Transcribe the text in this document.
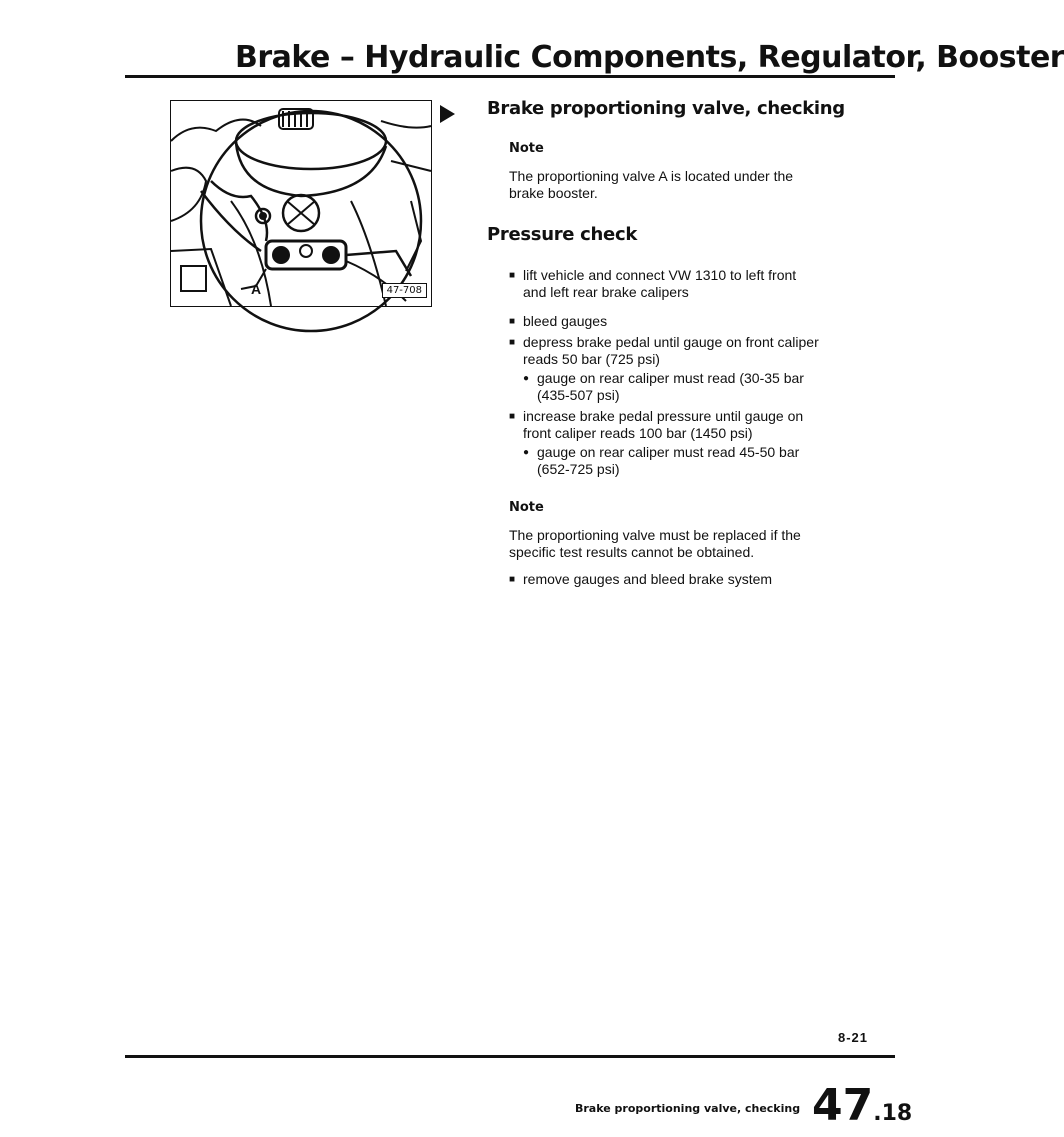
Brake – Hydraulic Components, Regulator, Booster
A	47-708
Brake proportioning valve, checking
Note

The proportioning valve A is located under the brake booster.

Pressure check
■ lift vehicle and connect VW 1310 to left front and left rear brake calipers
■ bleed gauges
■ depress brake pedal until gauge on front caliper reads 50 bar (725 psi)
● gauge on rear caliper must read (30-35 bar (435-507 psi)
■ increase brake pedal pressure until gauge on front caliper reads 100 bar (1450 psi)
● gauge on rear caliper must read 45-50 bar (652-725 psi)
Note

The proportioning valve must be replaced if the specific test results cannot be obtained.

■ remove gauges and bleed brake system
8-21
Brake proportioning valve, checking 47.18
